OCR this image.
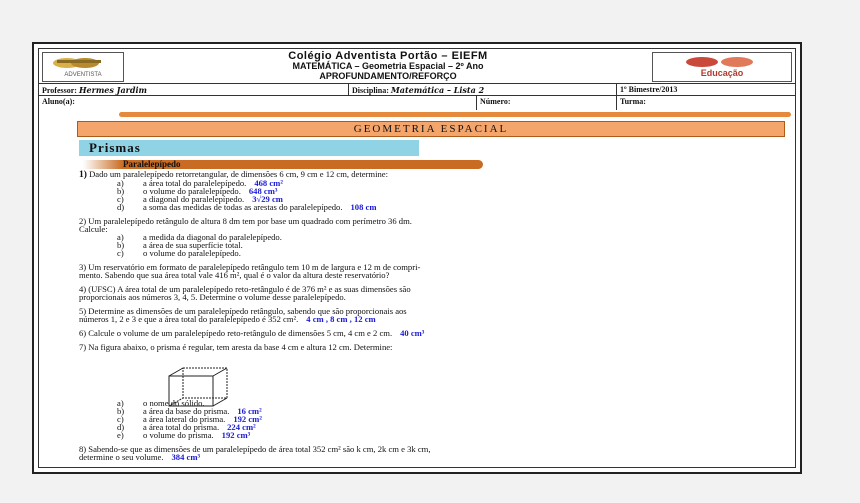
ADVENTISTA
Colégio Adventista Portão – EIEFM
MATEMÁTICA – Geometria Espacial – 2º Ano
APROFUNDAMENTO/REFORÇO	Educação
Professor: Hermes Jardim	Disciplina: Matemática – Lista 2	1º Bimestre/2013
Aluno(a):	Número:	Turma:
GEOMETRIA ESPACIAL
Prismas
Paralelepípedo
1) Dado um paralelepípedo retorretangular, de dimensões 6 cm, 9 cm e 12 cm, determine:
a) a área total do paralelepípedo. 468 cm²
b) o volume do paralelepípedo. 648 cm³
c) a diagonal do paralelepípedo. 3√29 cm
d) a soma das medidas de todas as arestas do paralelepípedo. 108 cm
2) Um paralelepípedo retângulo de altura 8 dm tem por base um quadrado com perímetro 36 dm.
Calcule:
a) a medida da diagonal do paralelepípedo.
b) a área de sua superfície total.
c) o volume do paralelepípedo.
3) Um reservatório em formato de paralelepípedo retângulo tem 10 m de largura e 12 m de compri-
mento. Sabendo que sua área total vale 416 m², qual é o valor da altura deste reservatório?
4) (UFSC) A área total de um paralelepípedo reto-retângulo é de 376 m² e as suas dimensões são
proporcionais aos números 3, 4, 5. Determine o volume desse paralelepípedo.
5) Determine as dimensões de um paralelepípedo retângulo, sabendo que são proporcionais aos
números 1, 2 e 3 e que a área total do paralelepípedo é 352 cm². 4 cm , 8 cm , 12 cm
6) Calcule o volume de um paralelepípedo reto-retângulo de dimensões 5 cm, 4 cm e 2 cm. 40 cm³
7) Na figura abaixo, o prisma é regular, tem aresta da base 4 cm e altura 12 cm. Determine:
a) o nome do sólido.
b) a área da base do prisma. 16 cm²
c) a área lateral do prisma. 192 cm²
d) a área total do prisma. 224 cm²
e) o volume do prisma. 192 cm³
8) Sabendo-se que as dimensões de um paralelepípedo de área total 352 cm² são k cm, 2k cm e 3k cm,
determine o seu volume. 384 cm³
